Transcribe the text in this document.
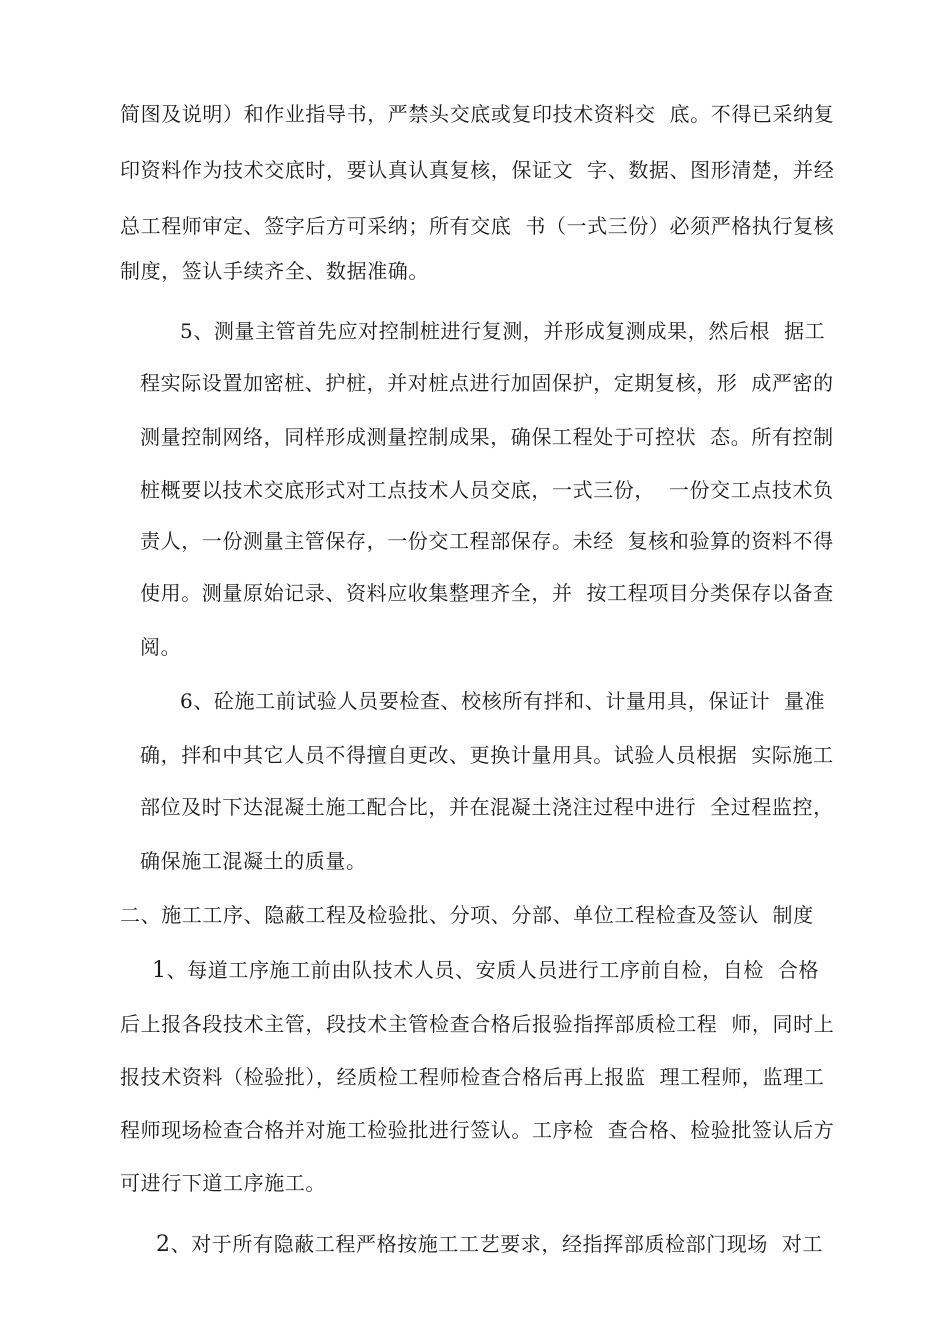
简图及说明）和作业指导书，严禁头交底或复印技术资料交  底。不得已采纳复
印资料作为技术交底时，要认真认真复核，保证文  字、数据、图形清楚，并经
总工程师审定、签字后方可采纳；所有交底  书（一式三份）必须严格执行复核
制度，签认手续齐全、数据准确。
5、测量主管首先应对控制桩进行复测，并形成复测成果，然后根  据工
程实际设置加密桩、护桩，并对桩点进行加固保护，定期复核，形  成严密的
测量控制网络，同样形成测量控制成果，确保工程处于可控状  态。所有控制
桩概要以技术交底形式对工点技术人员交底，一式三份，  一份交工点技术负
责人，一份测量主管保存，一份交工程部保存。未经  复核和验算的资料不得
使用。测量原始记录、资料应收集整理齐全，并  按工程项目分类保存以备查
阅。
6、砼施工前试验人员要检查、校核所有拌和、计量用具，保证计  量准
确，拌和中其它人员不得擅自更改、更换计量用具。试验人员根据  实际施工
部位及时下达混凝土施工配合比，并在混凝土浇注过程中进行  全过程监控，
确保施工混凝土的质量。
二、施工工序、隐蔽工程及检验批、分项、分部、单位工程检查及签认  制度
1、每道工序施工前由队技术人员、安质人员进行工序前自检，自检  合格
后上报各段技术主管，段技术主管检查合格后报验指挥部质检工程  师，同时上
报技术资料（检验批），经质检工程师检查合格后再上报监  理工程师，监理工
程师现场检查合格并对施工检验批进行签认。工序检  查合格、检验批签认后方
可进行下道工序施工。
2、对于所有隐蔽工程严格按施工工艺要求，经指挥部质检部门现场  对工
